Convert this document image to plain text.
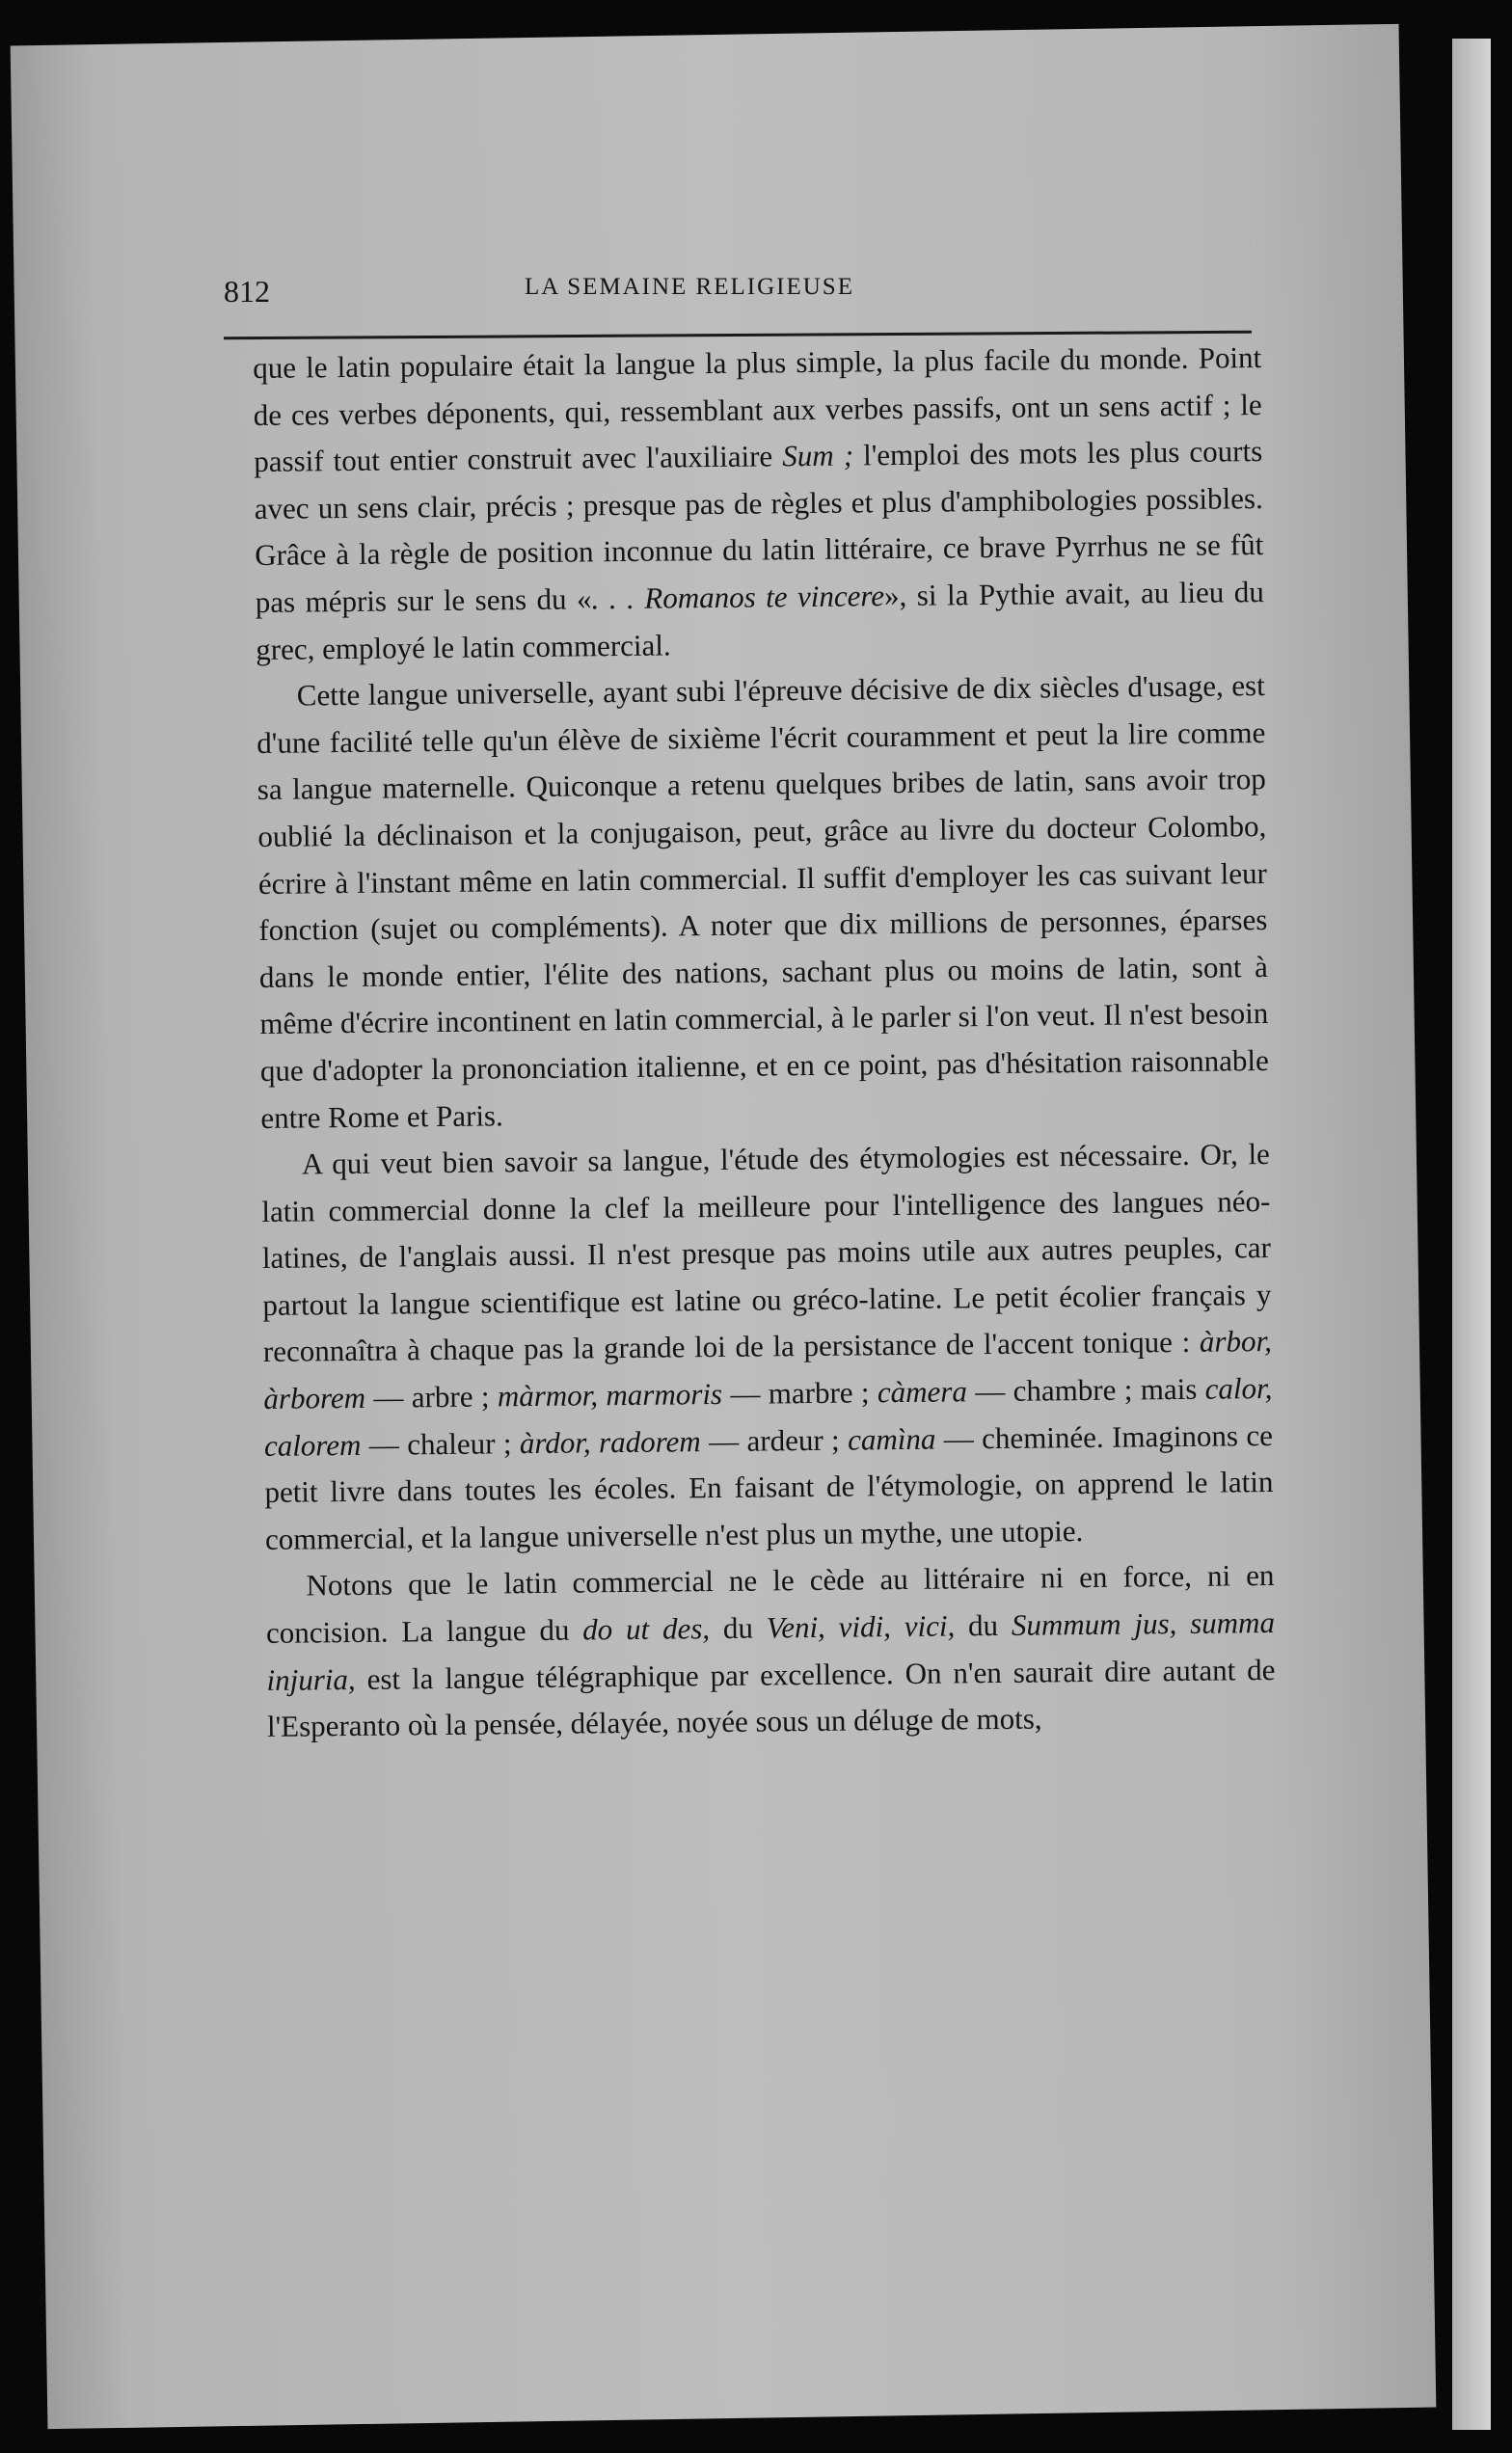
812	LA SEMAINE RELIGIEUSE

que le latin populaire était la langue la plus simple, la plus facile du monde. Point de ces verbes déponents, qui, ressemblant aux verbes passifs, ont un sens actif ; le passif tout entier construit avec l'auxiliaire Sum ; l'emploi des mots les plus courts avec un sens clair, précis ; presque pas de règles et plus d'amphibologies possibles. Grâce à la règle de position inconnue du latin littéraire, ce brave Pyrrhus ne se fût pas mépris sur le sens du «. . . Romanos te vincere», si la Pythie avait, au lieu du grec, employé le latin commercial.

Cette langue universelle, ayant subi l'épreuve décisive de dix siècles d'usage, est d'une facilité telle qu'un élève de sixième l'écrit couramment et peut la lire comme sa langue maternelle. Quiconque a retenu quelques bribes de latin, sans avoir trop oublié la déclinaison et la conjugaison, peut, grâce au livre du docteur Colombo, écrire à l'instant même en latin commercial. Il suffit d'employer les cas suivant leur fonction (sujet ou compléments). A noter que dix millions de personnes, éparses dans le monde entier, l'élite des nations, sachant plus ou moins de latin, sont à même d'écrire incontinent en latin commercial, à le parler si l'on veut. Il n'est besoin que d'adopter la prononciation italienne, et en ce point, pas d'hésitation raisonnable entre Rome et Paris.

A qui veut bien savoir sa langue, l'étude des étymologies est nécessaire. Or, le latin commercial donne la clef la meilleure pour l'intelligence des langues néo-latines, de l'anglais aussi. Il n'est presque pas moins utile aux autres peuples, car partout la langue scientifique est latine ou gréco-latine. Le petit écolier français y reconnaîtra à chaque pas la grande loi de la persistance de l'accent tonique : àrbor, àrborem — arbre ; màrmor, marmoris — marbre ; càmera — chambre ; mais calor, calorem — chaleur ; àrdor, radorem — ardeur ; camìna — cheminée. Imaginons ce petit livre dans toutes les écoles. En faisant de l'étymologie, on apprend le latin commercial, et la langue universelle n'est plus un mythe, une utopie.

Notons que le latin commercial ne le cède au littéraire ni en force, ni en concision. La langue du do ut des, du Veni, vidi, vici, du Summum jus, summa injuria, est la langue télégraphique par excellence. On n'en saurait dire autant de l'Esperanto où la pensée, délayée, noyée sous un déluge de mots,
